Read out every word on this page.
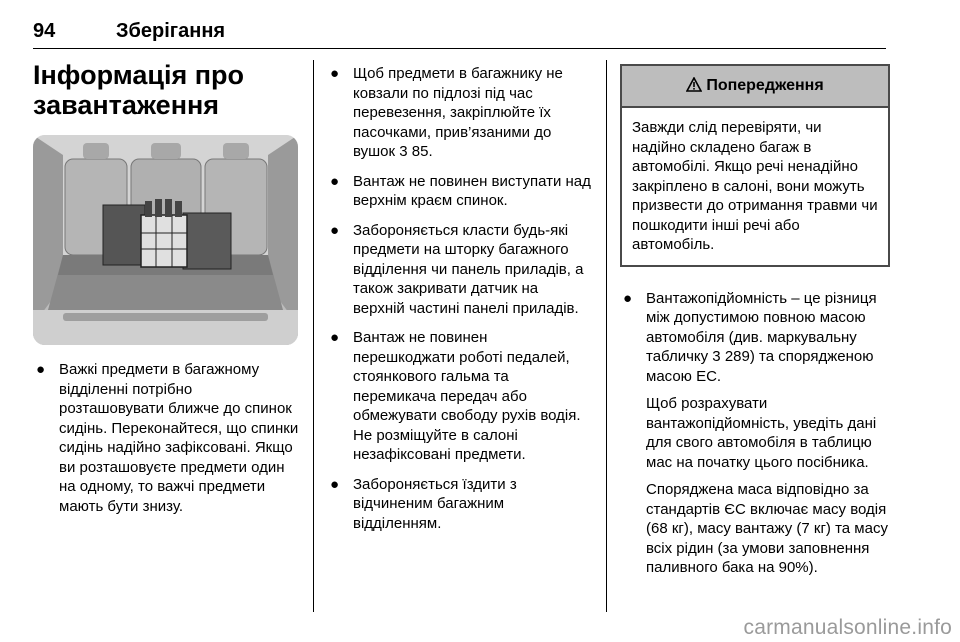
94	Зберігання
Інформація про завантаження
● Важкі предмети в багажному відділенні потрібно розташовувати ближче до спинок сидінь. Переконайтеся, що спинки сидінь надійно зафіксовані. Якщо ви розташовуєте предмети один на одному, то важчі предмети мають бути знизу.
● Щоб предмети в багажнику не ковзали по підлозі під час перевезення, закріплюйте їх пасочками, прив’язаними до вушок 3 85.
● Вантаж не повинен виступати над верхнім краєм спинок.
● Забороняється класти будь-які предмети на шторку багажного відділення чи панель приладів, а також закривати датчик на верхній частині панелі приладів.
● Вантаж не повинен перешкоджати роботі педалей, стоянкового гальма та перемикача передач або обмежувати свободу рухів водія. Не розміщуйте в салоні незафіксовані предмети.
● Забороняється їздити з відчиненим багажним відділенням.
Попередження
Завжди слід перевіряти, чи надійно складено багаж в автомобілі. Якщо речі ненадійно закріплено в салоні, вони можуть призвести до отримання травми чи пошкодити інші речі або автомобіль.
● Вантажопідйомність – це різниця між допустимою повною масою автомобіля (див. маркувальну табличку 3 289) та спорядженою масою ЕС.
Щоб розрахувати вантажопідйомність, уведіть дані для свого автомобіля в таблицю мас на початку цього посібника.
Споряджена маса відповідно за стандартів ЄС включає масу водія (68 кг), масу вантажу (7 кг) та масу всіх рідин (за умови заповнення паливного бака на 90%).
carmanualsonline.info
